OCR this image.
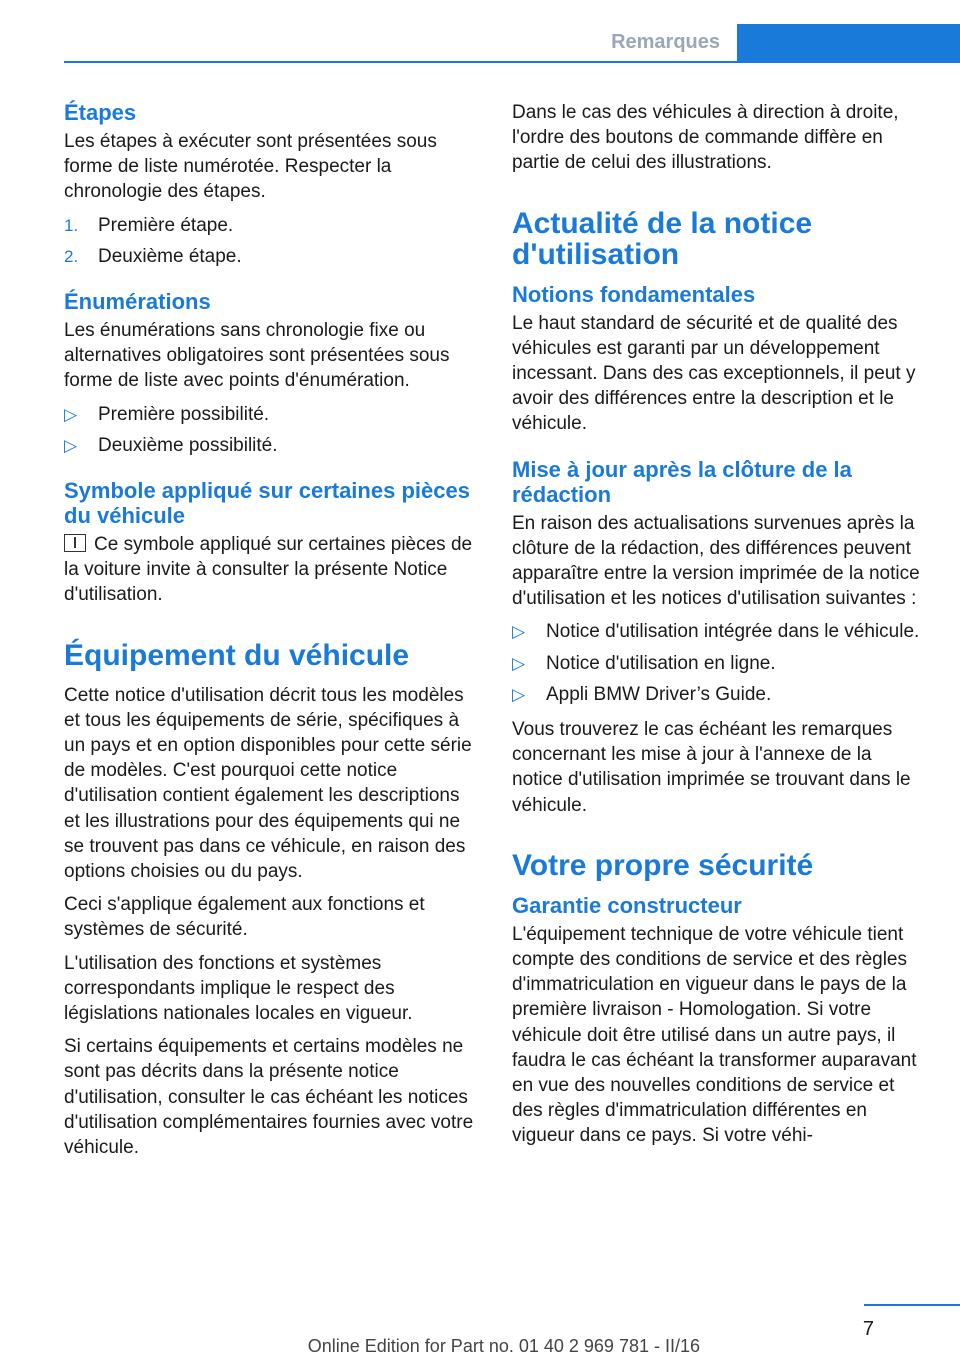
Remarques
Étapes

Les étapes à exécuter sont présentées sous forme de liste numérotée. Respecter la chronologie des étapes.

1.	Première étape.
2.	Deuxième étape.
Énumérations

Les énumérations sans chronologie fixe ou alternatives obligatoires sont présentées sous forme de liste avec points d'énumération.

▷	Première possibilité.
▷	Deuxième possibilité.
Symbole appliqué sur certaines pièces du véhicule

Ce symbole appliqué sur certaines pièces de la voiture invite à consulter la présente Notice d'utilisation.

Équipement du véhicule

Cette notice d'utilisation décrit tous les modèles et tous les équipements de série, spécifiques à un pays et en option disponibles pour cette série de modèles. C'est pourquoi cette notice d'utilisation contient également les descriptions et les illustrations pour des équipements qui ne se trouvent pas dans ce véhicule, en raison des options choisies ou du pays.

Ceci s'applique également aux fonctions et systèmes de sécurité.

L'utilisation des fonctions et systèmes correspondants implique le respect des législations nationales locales en vigueur.

Si certains équipements et certains modèles ne sont pas décrits dans la présente notice d'utilisation, consulter le cas échéant les notices d'utilisation complémentaires fournies avec votre véhicule.

Dans le cas des véhicules à direction à droite, l'ordre des boutons de commande diffère en partie de celui des illustrations.

Actualité de la notice d'utilisation
Notions fondamentales

Le haut standard de sécurité et de qualité des véhicules est garanti par un développement incessant. Dans des cas exceptionnels, il peut y avoir des différences entre la description et le véhicule.

Mise à jour après la clôture de la rédaction

En raison des actualisations survenues après la clôture de la rédaction, des différences peuvent apparaître entre la version imprimée de la notice d'utilisation et les notices d'utilisation suivantes :

▷	Notice d'utilisation intégrée dans le véhicule.
▷	Notice d'utilisation en ligne.
▷	Appli BMW Driver’s Guide.

Vous trouverez le cas échéant les remarques concernant les mise à jour à l'annexe de la notice d'utilisation imprimée se trouvant dans le véhicule.

Votre propre sécurité
Garantie constructeur

L'équipement technique de votre véhicule tient compte des conditions de service et des règles d'immatriculation en vigueur dans le pays de la première livraison - Homologation. Si votre véhicule doit être utilisé dans un autre pays, il faudra le cas échéant la transformer auparavant en vue des nouvelles conditions de service et des règles d'immatriculation différentes en vigueur dans ce pays. Si votre véhi-

7
Online Edition for Part no. 01 40 2 969 781 - II/16
